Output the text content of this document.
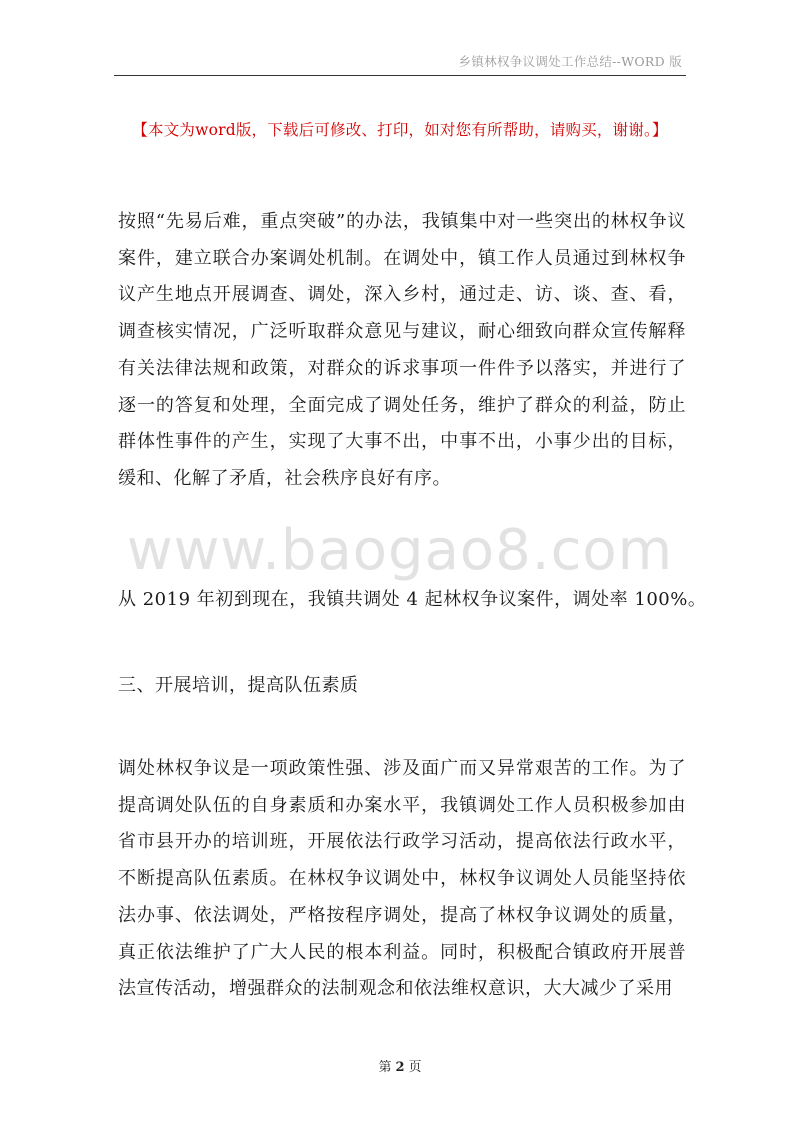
乡镇林权争议调处工作总结--WORD 版
【本文为word版，下载后可修改、打印，如对您有所帮助，请购买，谢谢。】

按照“先易后难，重点突破”的办法，我镇集中对一些突出的林权争议案件，建立联合办案调处机制。在调处中，镇工作人员通过到林权争议产生地点开展调查、调处，深入乡村，通过走、访、谈、查、看，调查核实情况，广泛听取群众意见与建议，耐心细致向群众宣传解释有关法律法规和政策，对群众的诉求事项一件件予以落实，并进行了逐一的答复和处理，全面完成了调处任务，维护了群众的利益，防止群体性事件的产生，实现了大事不出，中事不出，小事少出的目标，缓和、化解了矛盾，社会秩序良好有序。

www.baogao8.com

从 2019 年初到现在，我镇共调处 4 起林权争议案件，调处率 100%。

三、开展培训，提高队伍素质

调处林权争议是一项政策性强、涉及面广而又异常艰苦的工作。为了提高调处队伍的自身素质和办案水平，我镇调处工作人员积极参加由省市县开办的培训班，开展依法行政学习活动，提高依法行政水平，不断提高队伍素质。在林权争议调处中，林权争议调处人员能坚持依法办事、依法调处，严格按程序调处，提高了林权争议调处的质量，真正依法维护了广大人民的根本利益。同时，积极配合镇政府开展普法宣传活动，增强群众的法制观念和依法维权意识，大大减少了采用

第 2 页
